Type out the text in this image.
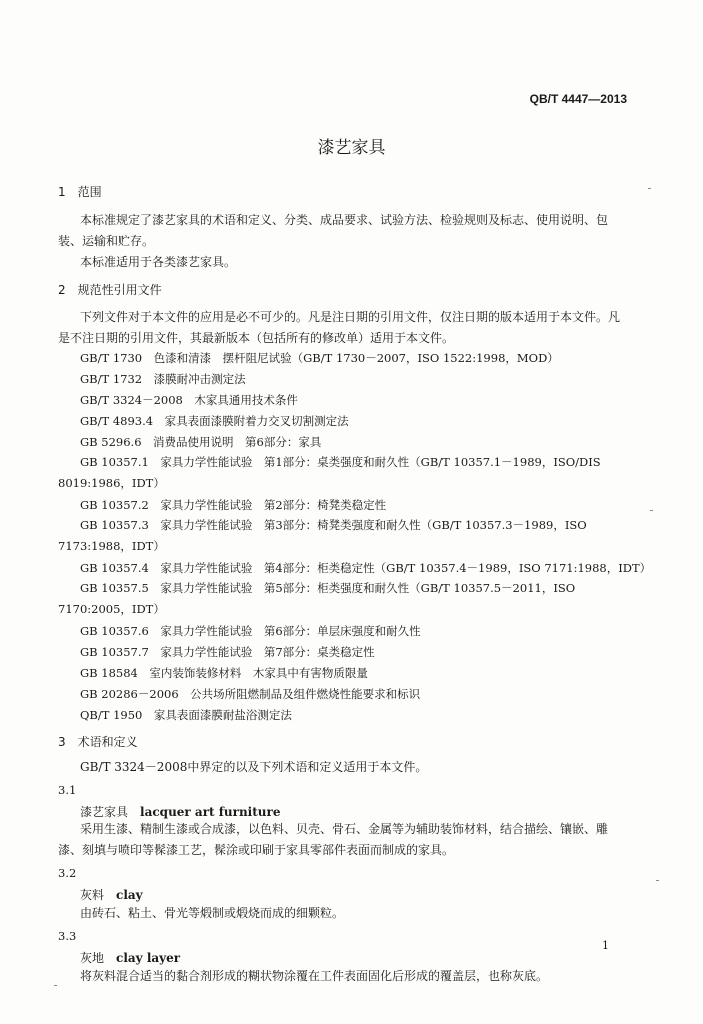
QB/T 4447—2013
漆艺家具
1　范围
本标准规定了漆艺家具的术语和定义、分类、成品要求、试验方法、检验规则及标志、使用说明、包装、运输和贮存。
本标准适用于各类漆艺家具。
2　规范性引用文件
下列文件对于本文件的应用是必不可少的。凡是注日期的引用文件，仅注日期的版本适用于本文件。凡是不注日期的引用文件，其最新版本（包括所有的修改单）适用于本文件。
GB/T 1730　色漆和清漆　摆杆阻尼试验（GB/T 1730－2007，ISO 1522:1998，MOD）
GB/T 1732　漆膜耐冲击测定法
GB/T 3324－2008　木家具通用技术条件
GB/T 4893.4　家具表面漆膜附着力交叉切割测定法
GB 5296.6　消费品使用说明　第6部分：家具
GB 10357.1　家具力学性能试验　第1部分：桌类强度和耐久性（GB/T 10357.1－1989，ISO/DIS 8019:1986，IDT）
GB 10357.2　家具力学性能试验　第2部分：椅凳类稳定性
GB 10357.3　家具力学性能试验　第3部分：椅凳类强度和耐久性（GB/T 10357.3－1989，ISO 7173:1988，IDT）
GB 10357.4　家具力学性能试验　第4部分：柜类稳定性（GB/T 10357.4－1989，ISO 7171:1988，IDT）
GB 10357.5　家具力学性能试验　第5部分：柜类强度和耐久性（GB/T 10357.5－2011，ISO 7170:2005，IDT）
GB 10357.6　家具力学性能试验　第6部分：单层床强度和耐久性
GB 10357.7　家具力学性能试验　第7部分：桌类稳定性
GB 18584　室内装饰装修材料　木家具中有害物质限量
GB 20286－2006　公共场所阻燃制品及组件燃烧性能要求和标识
QB/T 1950　家具表面漆膜耐盐浴测定法
3　术语和定义
GB/T 3324－2008中界定的以及下列术语和定义适用于本文件。
3.1
漆艺家具　 lacquer art furniture
采用生漆、精制生漆或合成漆，以色料、贝壳、骨石、金属等为辅助装饰材料，结合描绘、镶嵌、雕漆、刻填与喷印等髹漆工艺，髹涂或印刷于家具零部件表面而制成的家具。
3.2
灰料　 clay
由砖石、粘土、骨光等煅制或煅烧而成的细颗粒。
3.3
灰地　 clay layer
将灰料混合适当的黏合剂形成的糊状物涂覆在工件表面固化后形成的覆盖层，也称灰底。
1
